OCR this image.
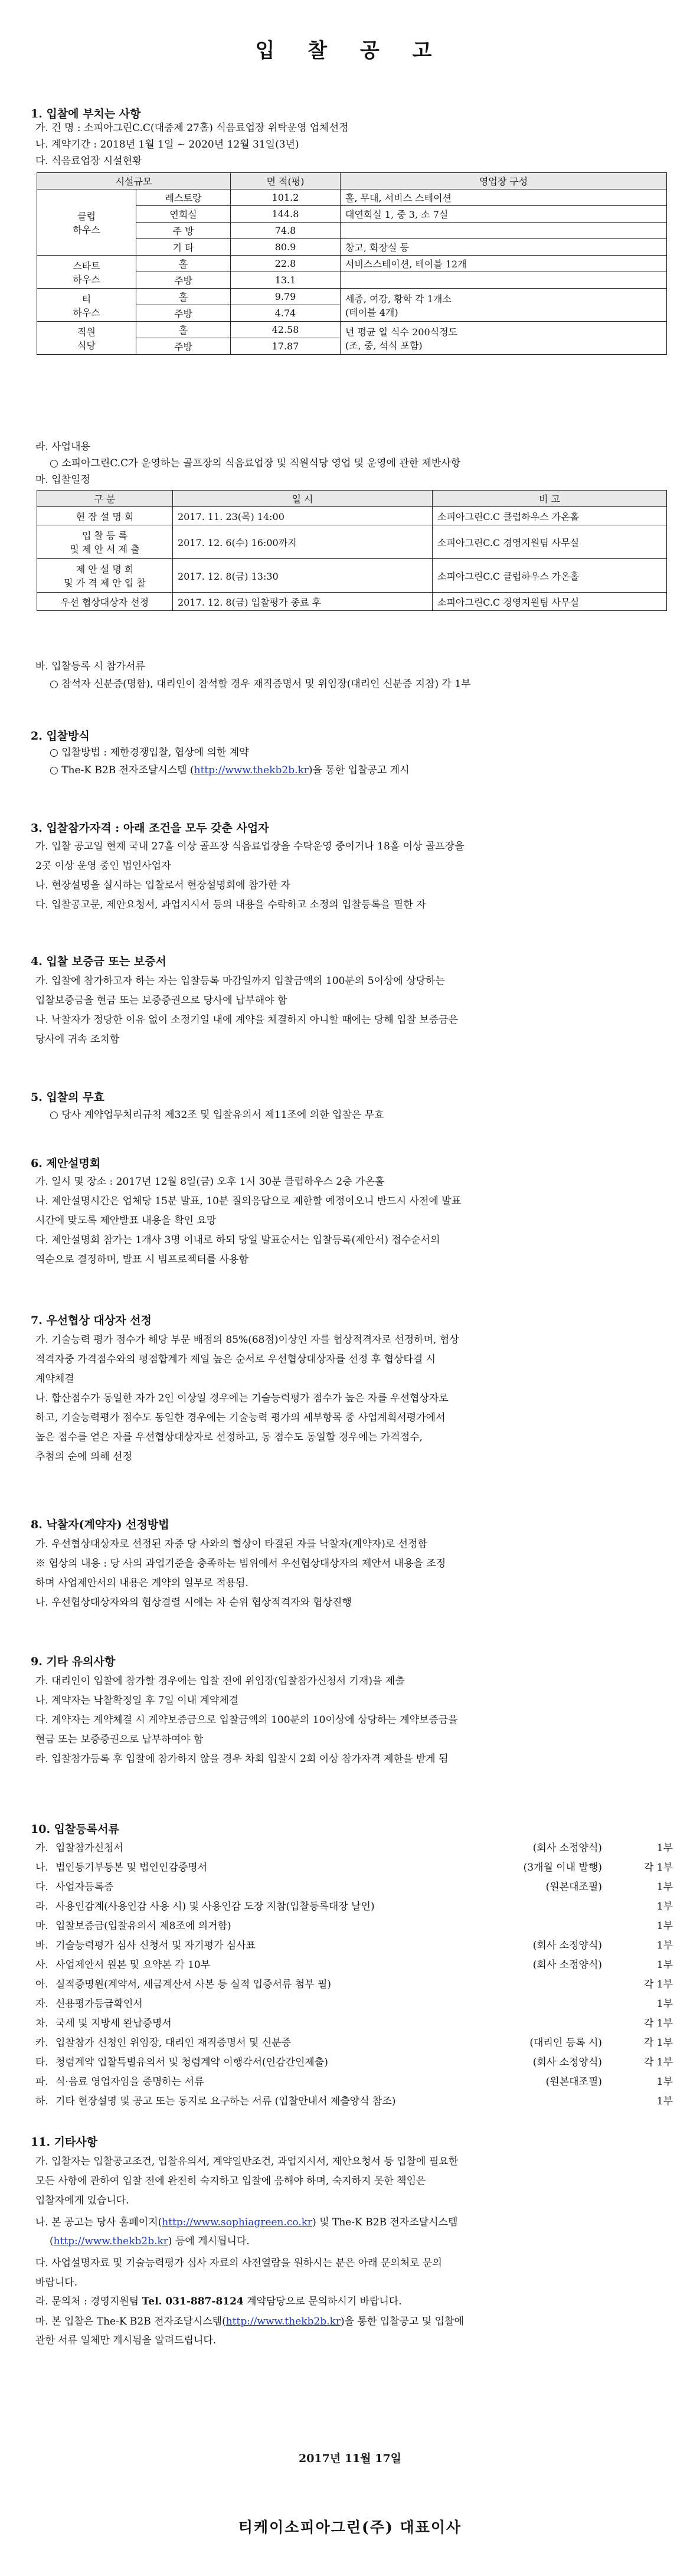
입 찰 공 고
1. 입찰에 부치는 사항
가. 건 명 : 소피아그린C.C(대중제 27홀) 식음료업장 위탁운영 업체선정
나. 계약기간 : 2018년 1월 1일 ~ 2020년 12월 31일(3년)
다. 식음료업장 시설현황
시설규모		면 적(평)	영업장 구성
클럽
하우스	레스토랑	101.2	홀, 무대, 서비스 스테이션
	연회실	144.8	대연회실 1, 중 3, 소 7실
	주 방	74.8	
	기 타	80.9	창고, 화장실 등
스타트
하우스	홀	22.8	서비스스테이션, 테이블 12개
	주방	13.1	
티
하우스	홀	9.79	세종, 여강, 황학 각 1개소
(테이블 4개)
	주방	4.74	
직원
식당	홀	42.58	년 평균 일 식수 200식정도
(조, 중, 석식 포함)
	주방	17.87	
라. 사업내용
○ 소피아그린C.C가 운영하는 골프장의 식음료업장 및 직원식당 영업 및 운영에 관한 제반사항
마. 입찰일정
구 분	일 시	비 고
현 장 설 명 회	2017. 11. 23(목) 14:00	소피아그린C.C 클럽하우스 가온홀
입 찰 등 록
및 제 안 서 제 출	2017. 12. 6(수) 16:00까지	소피아그린C.C 경영지원팀 사무실
제 안 설 명 회
및 가 격 제 안 입 찰	2017. 12. 8(금) 13:30	소피아그린C.C 클럽하우스 가온홀
우선 협상대상자 선정	2017. 12. 8(금) 입찰평가 종료 후	소피아그린C.C 경영지원팀 사무실
바. 입찰등록 시 참가서류
○ 참석자 신분증(명함), 대리인이 참석할 경우 재직증명서 및 위임장(대리인 신분증 지참) 각 1부
2. 입찰방식
○ 입찰방법 : 제한경쟁입찰, 협상에 의한 계약
○ The-K B2B 전자조달시스템 (http://www.thekb2b.kr)을 통한 입찰공고 게시
3. 입찰참가자격 : 아래 조건을 모두 갖춘 사업자
가. 입찰 공고일 현재 국내 27홀 이상 골프장 식음료업장을 수탁운영 중이거나 18홀 이상 골프장을
2곳 이상 운영 중인 법인사업자
나. 현장설명을 실시하는 입찰로서 현장설명회에 참가한 자
다. 입찰공고문, 제안요청서, 과업지시서 등의 내용을 수락하고 소정의 입찰등록을 필한 자
4. 입찰 보증금 또는 보증서
가. 입찰에 참가하고자 하는 자는 입찰등록 마감일까지 입찰금액의 100분의 5이상에 상당하는
입찰보증금을 현금 또는 보증증권으로 당사에 납부해야 함
나. 낙찰자가 정당한 이유 없이 소정기일 내에 계약을 체결하지 아니할 때에는 당해 입찰 보증금은
당사에 귀속 조치함
5. 입찰의 무효
○ 당사 계약업무처리규칙 제32조 및 입찰유의서 제11조에 의한 입찰은 무효
6. 제안설명회
가. 일시 및 장소 : 2017년 12월 8일(금) 오후 1시 30분 클럽하우스 2층 가온홀
나. 제안설명시간은 업체당 15분 발표, 10분 질의응답으로 제한할 예정이오니 반드시 사전에 발표
시간에 맞도록 제안발표 내용을 확인 요망
다. 제안설명회 참가는 1개사 3명 이내로 하되 당일 발표순서는 입찰등록(제안서) 접수순서의
역순으로 결정하며, 발표 시 빔프로젝터를 사용함
7. 우선협상 대상자 선정
가. 기술능력 평가 점수가 해당 부문 배점의 85%(68점)이상인 자를 협상적격자로 선정하며, 협상
적격자중 가격점수와의 평점합계가 제일 높은 순서로 우선협상대상자를 선정 후 협상타결 시
계약체결
나. 합산점수가 동일한 자가 2인 이상일 경우에는 기술능력평가 점수가 높은 자를 우선협상자로
하고, 기술능력평가 점수도 동일한 경우에는 기술능력 평가의 세부항목 중 사업계획서평가에서
높은 점수를 얻은 자를 우선협상대상자로 선정하고, 동 점수도 동일할 경우에는 가격점수,
추첨의 순에 의해 선정
8. 낙찰자(계약자) 선정방법
가. 우선협상대상자로 선정된 자중 당 사와의 협상이 타결된 자를 낙찰자(계약자)로 선정함
※ 협상의 내용 : 당 사의 과업기준을 충족하는 범위에서 우선협상대상자의 제안서 내용을 조정
하며 사업제안서의 내용은 계약의 일부로 적용됨.
나. 우선협상대상자와의 협상결렬 시에는 차 순위 협상적격자와 협상진행
9. 기타 유의사항
가. 대리인이 입찰에 참가할 경우에는 입찰 전에 위임장(입찰참가신청서 기재)을 제출
나. 계약자는 낙찰확정일 후 7일 이내 계약체결
다. 계약자는 계약체결 시 계약보증금으로 입찰금액의 100분의 10이상에 상당하는 계약보증금을
현금 또는 보증증권으로 납부하여야 함
라. 입찰참가등록 후 입찰에 참가하지 않을 경우 차회 입찰시 2회 이상 참가자격 제한을 받게 됨
10. 입찰등록서류
가. 입찰참가신청서	(회사 소정양식)	1부
나. 법인등기부등본 및 법인인감증명서	(3개월 이내 발행)	각 1부
다. 사업자등록증	(원본대조필)	1부
라. 사용인감계(사용인감 사용 시) 및 사용인감 도장 지참(입찰등록대장 날인)	1부
마. 입찰보증금(입찰유의서 제8조에 의거함)	1부
바. 기술능력평가 심사 신청서 및 자기평가 심사표	(회사 소정양식)	1부
사. 사업제안서 원본 및 요약본 각 10부	(회사 소정양식)	1부
아. 실적증명원(계약서, 세금계산서 사본 등 실적 입증서류 첨부 필)	각 1부
자. 신용평가등급확인서	1부
차. 국세 및 지방세 완납증명서	각 1부
카. 입찰참가 신청인 위임장, 대리인 재직증명서 및 신분증	(대리인 등록 시)	각 1부
타. 청렴계약 입찰특별유의서 및 청렴계약 이행각서(인감간인제출)	(회사 소정양식)	각 1부
파. 식·음료 영업자임을 증명하는 서류	(원본대조필)	1부
하. 기타 현장설명 및 공고 또는 동지로 요구하는 서류 (입찰안내서 제출양식 참조)	1부
11. 기타사항
가. 입찰자는 입찰공고조건, 입찰유의서, 계약일반조건, 과업지시서, 제안요청서 등 입찰에 필요한
모든 사항에 관하여 입찰 전에 완전히 숙지하고 입찰에 응해야 하며, 숙지하지 못한 책임은
입찰자에게 있습니다.
나. 본 공고는 당사 홈페이지(http://www.sophiagreen.co.kr) 및 The-K B2B 전자조달시스템
(http://www.thekb2b.kr) 등에 게시됩니다.
다. 사업설명자료 및 기술능력평가 심사 자료의 사전열람을 원하시는 분은 아래 문의처로 문의
바랍니다.
라. 문의처 : 경영지원팀 Tel. 031-887-8124 계약담당으로 문의하시기 바랍니다.
마. 본 입찰은 The-K B2B 전자조달시스템(http://www.thekb2b.kr)을 통한 입찰공고 및 입찰에
관한 서류 일체만 게시됨을 알려드립니다.
2017년 11월 17일
티케이소피아그린(주) 대표이사
